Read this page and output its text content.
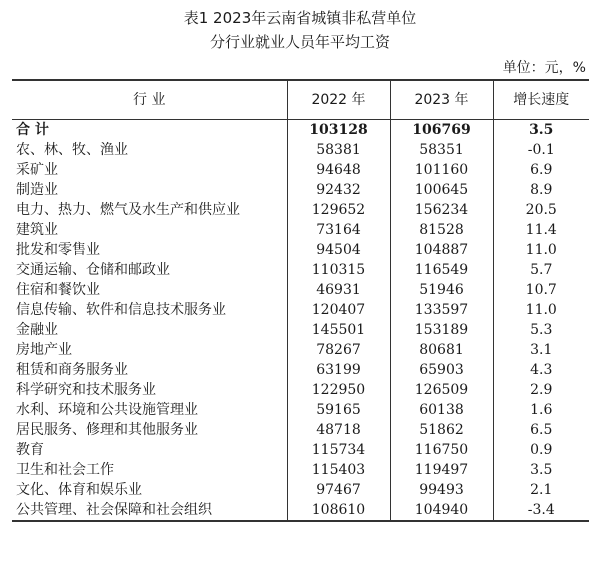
表1 2023年云南省城镇非私营单位
分行业就业人员年平均工资
单位：元，%
行 业	2022 年	2023 年	增长速度
合 计	103128	106769	3.5
农、林、牧、渔业	58381	58351	-0.1
采矿业	94648	101160	6.9
制造业	92432	100645	8.9
电力、热力、燃气及水生产和供应业	129652	156234	20.5
建筑业	73164	81528	11.4
批发和零售业	94504	104887	11.0
交通运输、仓储和邮政业	110315	116549	5.7
住宿和餐饮业	46931	51946	10.7
信息传输、软件和信息技术服务业	120407	133597	11.0
金融业	145501	153189	5.3
房地产业	78267	80681	3.1
租赁和商务服务业	63199	65903	4.3
科学研究和技术服务业	122950	126509	2.9
水利、环境和公共设施管理业	59165	60138	1.6
居民服务、修理和其他服务业	48718	51862	6.5
教育	115734	116750	0.9
卫生和社会工作	115403	119497	3.5
文化、体育和娱乐业	97467	99493	2.1
公共管理、社会保障和社会组织	108610	104940	-3.4
